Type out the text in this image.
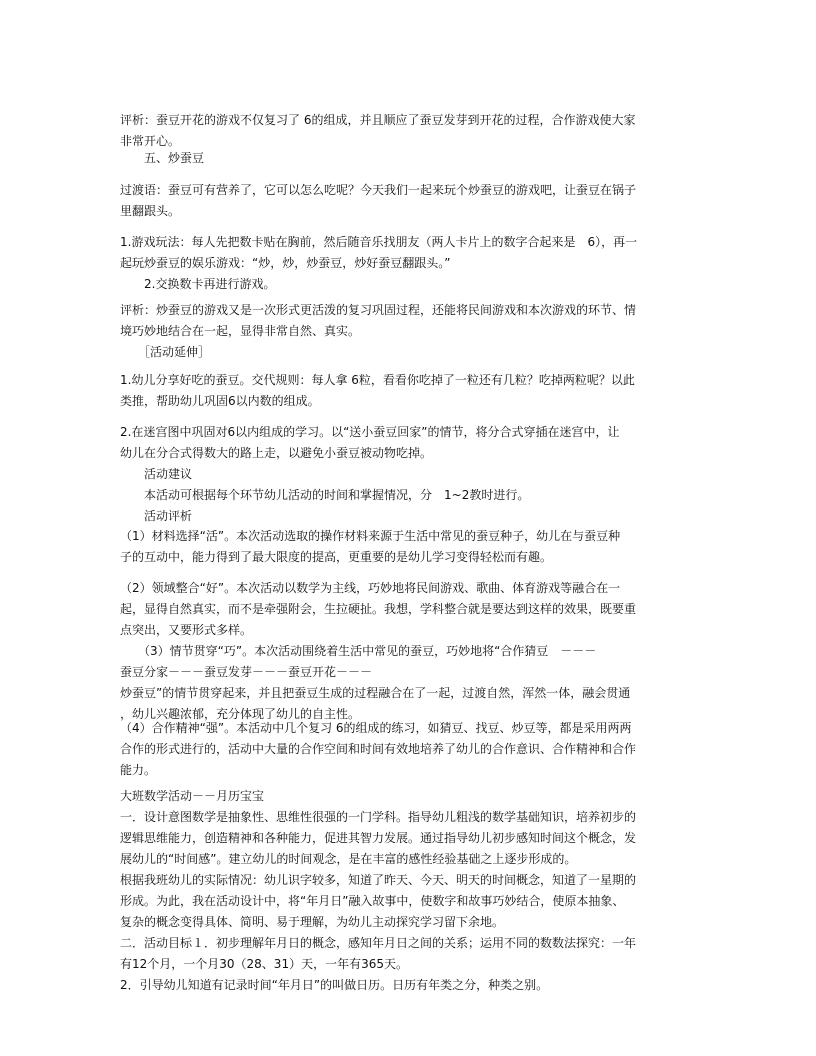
评析：蚕豆开花的游戏不仅复习了 6的组成，并且顺应了蚕豆发芽到开花的过程，合作游戏使大家
非常开心。
　　五、炒蚕豆
过渡语：蚕豆可有营养了，它可以怎么吃呢？今天我们一起来玩个炒蚕豆的游戏吧，让蚕豆在锅子
里翻跟头。
1.游戏玩法：每人先把数卡贴在胸前，然后随音乐找朋友（两人卡片上的数字合起来是　6），再一
起玩炒蚕豆的娱乐游戏：“炒，炒，炒蚕豆，炒好蚕豆翻跟头。”
　　2.交换数卡再进行游戏。
评析：炒蚕豆的游戏又是一次形式更活泼的复习巩固过程，还能将民间游戏和本次游戏的环节、情
境巧妙地结合在一起，显得非常自然、真实。
　　［活动延伸］
1.幼儿分享好吃的蚕豆。交代规则：每人拿 6粒，看看你吃掉了一粒还有几粒？吃掉两粒呢？以此
类推，帮助幼儿巩固6以内数的组成。
2.在迷宫图中巩固对6以内组成的学习。以“送小蚕豆回家”的情节，将分合式穿插在迷宫中，让
幼儿在分合式得数大的路上走，以避免小蚕豆被动物吃掉。
　　活动建议
　　本活动可根据每个环节幼儿活动的时间和掌握情况，分　1~2教时进行。
　　活动评析
（1）材料选择“活”。本次活动选取的操作材料来源于生活中常见的蚕豆种子，幼儿在与蚕豆种
子的互动中，能力得到了最大限度的提高，更重要的是幼儿学习变得轻松而有趣。
（2）领域整合“好”。本次活动以数学为主线，巧妙地将民间游戏、歌曲、体育游戏等融合在一
起，显得自然真实，而不是牵强附会，生拉硬扯。我想，学科整合就是要达到这样的效果，既要重
点突出，又要形式多样。
　　（3）情节贯穿“巧”。本次活动围绕着生活中常见的蚕豆，巧妙地将“合作猜豆　－－－
蚕豆分家－－－蚕豆发芽－－－蚕豆开花－－－
炒蚕豆”的情节贯穿起来，并且把蚕豆生成的过程融合在了一起，过渡自然，浑然一体，融会贯通
，幼儿兴趣浓郁，充分体现了幼儿的自主性。
（4）合作精神“强”。本活动中几个复习 6的组成的练习，如猜豆、找豆、炒豆等，都是采用两两
合作的形式进行的，活动中大量的合作空间和时间有效地培养了幼儿的合作意识、合作精神和合作
能力。
大班数学活动－－月历宝宝
一．设计意图数学是抽象性、思维性很强的一门学科。指导幼儿粗浅的数学基础知识，培养初步的
逻辑思维能力，创造精神和各种能力，促进其智力发展。通过指导幼儿初步感知时间这个概念，发
展幼儿的“时间感”。建立幼儿的时间观念，是在丰富的感性经验基础之上逐步形成的。
根据我班幼儿的实际情况：幼儿识字较多，知道了昨天、今天、明天的时间概念，知道了一星期的
形成。为此，我在活动设计中，将“年月日”融入故事中，使数字和故事巧妙结合，使原本抽象、
复杂的概念变得具体、简明、易于理解，为幼儿主动探究学习留下余地。
二．活动目标１．初步理解年月日的概念，感知年月日之间的关系；运用不同的数数法探究：一年
有12个月，一个月30（28、31）天，一年有365天。
2．引导幼儿知道有记录时间“年月日”的叫做日历。日历有年类之分，种类之别。
